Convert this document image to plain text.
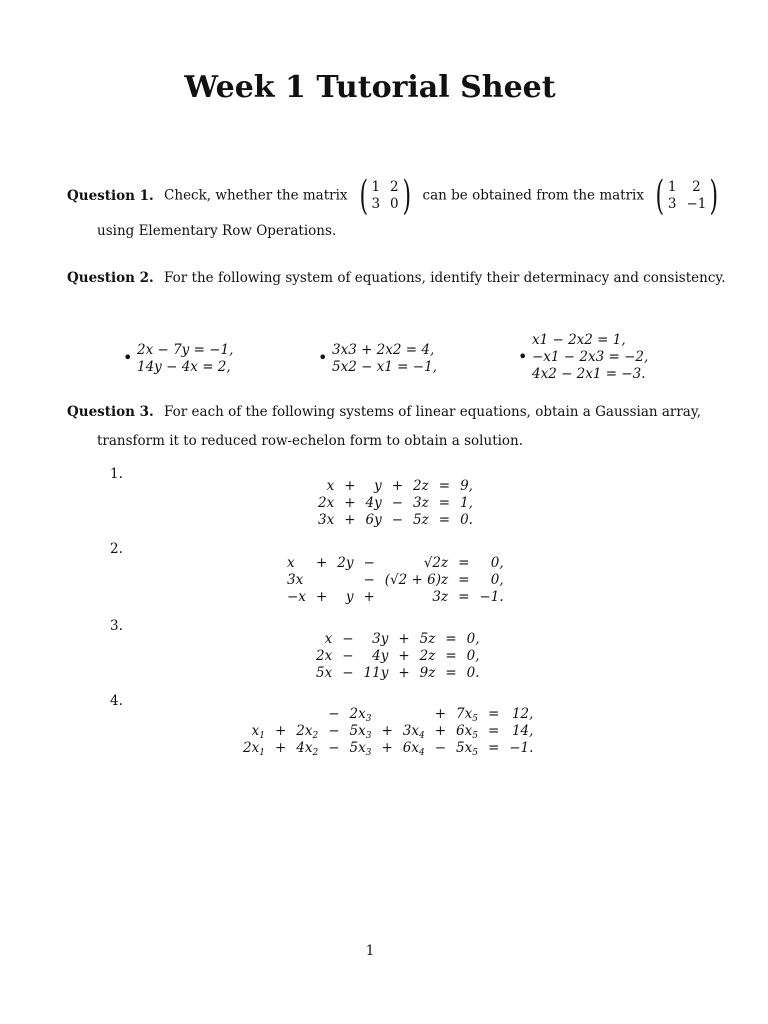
Week 1 Tutorial Sheet
Question 1. Check, whether the matrix ( 1 2
3 0 ) can be obtained from the matrix ( 1	2
3 −1 )
using Elementary Row Operations.
Question 2. For the following system of equations, identify their determinacy and consistency.
• 2x − 7y = −1,
14y − 4x = 2,	• 3x3 + 2x2 = 4,
5x2 − x1 = −1,
•
x1 − 2x2 = 1,
−x1 − 2x3 = −2,
4x2 − 2x1 = −3.
Question 3. For each of the following systems of linear equations, obtain a Gaussian array,
transform it to reduced row-echelon form to obtain a solution.
1.
x	+	y	+	2z	=	9,
2x	+	4y	−	3z	=	1,
3x	+	6y	−	5z	=	0.
2.
x	+	2y	−	√2z	=	0,
3x			−	(√2 + 6)z	=	0,
−x	+	y	+	3z	=	−1.
3.
x	−	3y	+	5z	=	0,
2x	−	4y	+	2z	=	0,
5x	−	11y	+	9z	=	0.
4.
			−	$2x_3$			+	$7x_5$	=	12,
$x_1$	+	$2x_2$	−	$5x_3$	+	$3x_4$	+	$6x_5$	=	14,
$2x_1$	+	$4x_2$	−	$5x_3$	+	$6x_4$	−	$5x_5$	=	−1.
1
